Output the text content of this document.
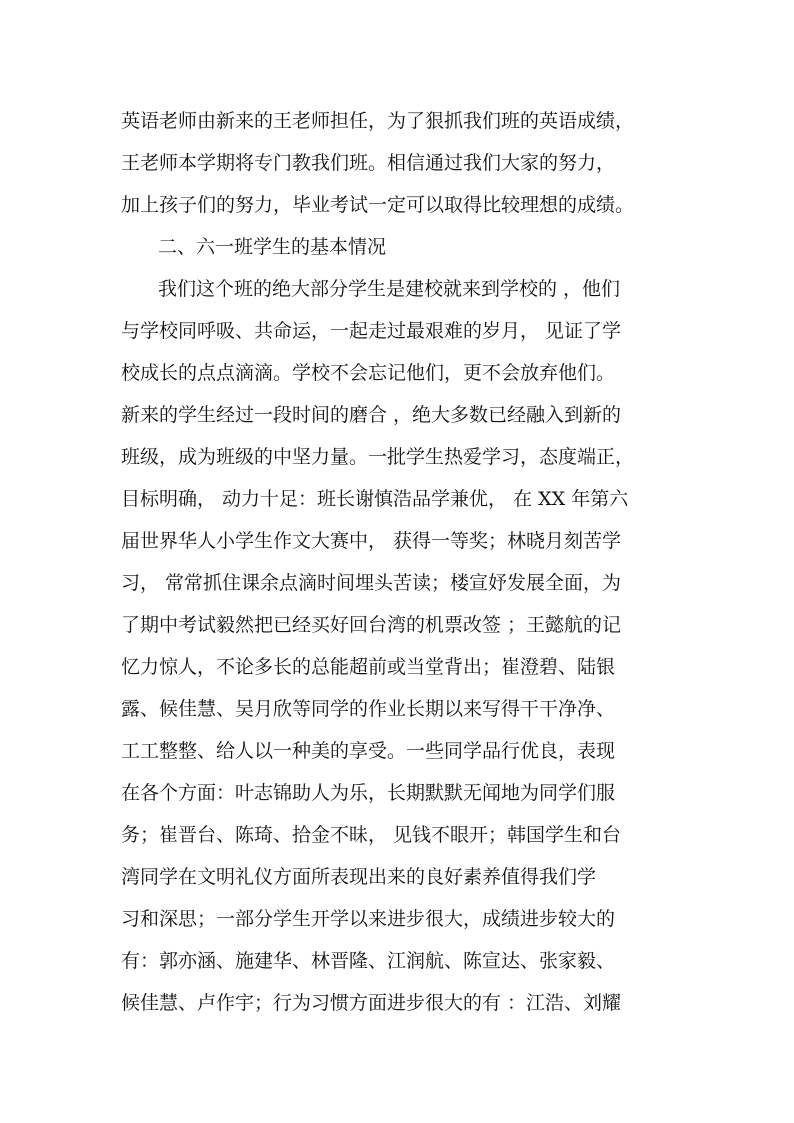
英语老师由新来的王老师担任，为了狠抓我们班的英语成绩，
王老师本学期将专门教我们班。相信通过我们大家的努力，
加上孩子们的努力，毕业考试一定可以取得比较理想的成绩。
二、六一班学生的基本情况
我们这个班的绝大部分学生是建校就来到学校的 ，他们
与学校同呼吸、共命运，一起走过最艰难的岁月， 见证了学
校成长的点点滴滴。学校不会忘记他们，更不会放弃他们。
新来的学生经过一段时间的磨合 ，绝大多数已经融入到新的
班级，成为班级的中坚力量。一批学生热爱学习，态度端正，
目标明确， 动力十足：班长谢慎浩品学兼优， 在 XX 年第六
届世界华人小学生作文大赛中， 获得一等奖；林晓月刻苦学
习， 常常抓住课余点滴时间埋头苦读；楼宣妤发展全面，为
了期中考试毅然把已经买好回台湾的机票改签 ；王懿航的记
忆力惊人，不论多长的总能超前或当堂背出；崔澄碧、陆银
露、候佳慧、吴月欣等同学的作业长期以来写得干干净净、
工工整整、给人以一种美的享受。一些同学品行优良，表现
在各个方面：叶志锦助人为乐，长期默默无闻地为同学们服
务；崔晋台、陈琦、拾金不昧， 见钱不眼开；韩国学生和台
湾同学在文明礼仪方面所表现出来的良好素养值得我们学
习和深思；一部分学生开学以来进步很大，成绩进步较大的
有：郭亦涵、施建华、林晋隆、江润航、陈宣达、张家毅、
候佳慧、卢作宇；行为习惯方面进步很大的有 ：江浩、刘耀
